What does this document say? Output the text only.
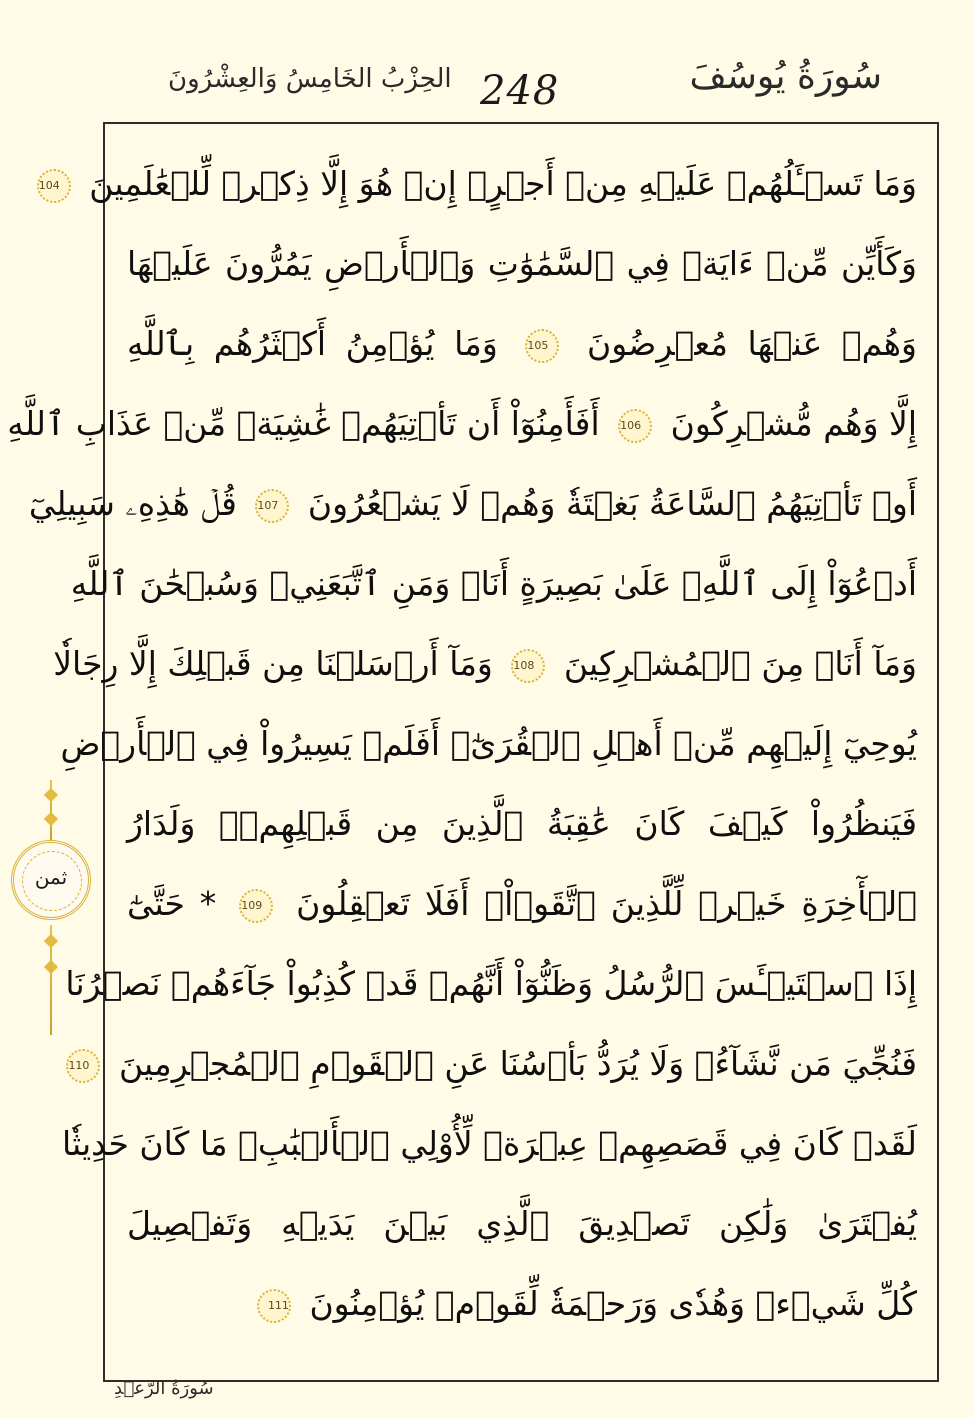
سُورَةُ يُوسُفَ
248
الحِزْبُ الخَامِسُ وَالعِشْرُونَ
ثمن
وَمَا تَسۡـَٔلُهُمۡ عَلَيۡهِ مِنۡ أَجۡرٍۚ إِنۡ هُوَ إِلَّا ذِكۡرٞ لِّلۡعَٰلَمِينَ 104
وَكَأَيِّن مِّنۡ ءَايَةٖ فِي ٱلسَّمَٰوَٰتِ وَٱلۡأَرۡضِ يَمُرُّونَ عَلَيۡهَا
وَهُمۡ عَنۡهَا مُعۡرِضُونَ 105 وَمَا يُؤۡمِنُ أَكۡثَرُهُم بِٱللَّهِ
إِلَّا وَهُم مُّشۡرِكُونَ 106 أَفَأَمِنُوٓاْ أَن تَأۡتِيَهُمۡ غَٰشِيَةٞ مِّنۡ عَذَابِ ٱللَّهِ
أَوۡ تَأۡتِيَهُمُ ٱلسَّاعَةُ بَغۡتَةٗ وَهُمۡ لَا يَشۡعُرُونَ 107 قُلۡ هَٰذِهِۦ سَبِيلِيٓ
أَدۡعُوٓاْ إِلَى ٱللَّهِۚ عَلَىٰ بَصِيرَةٍ أَنَا۠ وَمَنِ ٱتَّبَعَنِيۖ وَسُبۡحَٰنَ ٱللَّهِ
وَمَآ أَنَا۠ مِنَ ٱلۡمُشۡرِكِينَ 108 وَمَآ أَرۡسَلۡنَا مِن قَبۡلِكَ إِلَّا رِجَالٗا
يُوحِيٓ إِلَيۡهِم مِّنۡ أَهۡلِ ٱلۡقُرَىٰٓۗ أَفَلَمۡ يَسِيرُواْ فِي ٱلۡأَرۡضِ
فَيَنظُرُواْ كَيۡفَ كَانَ عَٰقِبَةُ ٱلَّذِينَ مِن قَبۡلِهِمۡۗ وَلَدَارُ
ٱلۡأٓخِرَةِ خَيۡرٞ لِّلَّذِينَ ٱتَّقَوۡاْۚ أَفَلَا تَعۡقِلُونَ 109 * حَتَّىٰٓ
إِذَا ٱسۡتَيۡـَٔسَ ٱلرُّسُلُ وَظَنُّوٓاْ أَنَّهُمۡ قَدۡ كُذِبُواْ جَآءَهُمۡ نَصۡرُنَا
فَنُجِّيَ مَن نَّشَآءُۖ وَلَا يُرَدُّ بَأۡسُنَا عَنِ ٱلۡقَوۡمِ ٱلۡمُجۡرِمِينَ 110
لَقَدۡ كَانَ فِي قَصَصِهِمۡ عِبۡرَةٞ لِّأُوْلِي ٱلۡأَلۡبَٰبِۗ مَا كَانَ حَدِيثٗا
يُفۡتَرَىٰ وَلَٰكِن تَصۡدِيقَ ٱلَّذِي بَيۡنَ يَدَيۡهِ وَتَفۡصِيلَ
كُلِّ شَيۡءٖ وَهُدٗى وَرَحۡمَةٗ لِّقَوۡمٖ يُؤۡمِنُونَ 111
سُورَةُ الرَّعۡدِ
